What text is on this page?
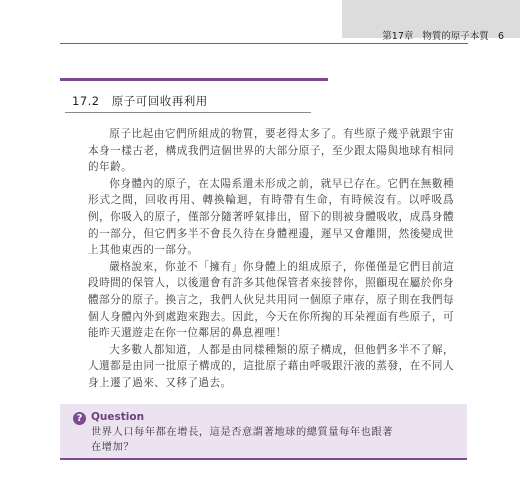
第17章 物質的原子本質 6
17.2 原子可回收再利用

原子比起由它們所組成的物質，要老得太多了。有些原子幾乎就跟宇宙本身一樣古老，構成我們這個世界的大部分原子，至少跟太陽與地球有相同的年齡。

你身體內的原子，在太陽系還未形成之前，就早已存在。它們在無數種形式之間，回收再用、轉換輪迴，有時帶有生命，有時候沒有。以呼吸爲例，你吸入的原子，僅部分隨著呼氣排出，留下的則被身體吸收，成爲身體的一部分，但它們多半不會長久待在身體裡邊，遲早又會離開，然後變成世上其他東西的一部分。

嚴格說來，你並不「擁有」你身體上的組成原子，你僅僅是它們目前這段時間的保管人，以後還會有許多其他保管者來接替你，照顧現在屬於你身體部分的原子。換言之，我們人伙兒共用同一個原子庫存，原子則在我們每個人身體內外到處跑來跑去。因此，今天在你所掬的耳朵裡面有些原子，可能昨天還遊走在你一位鄰居的鼻息裡哩！

大多數人都知道，人都是由同樣種類的原子構成，但他們多半不了解，人還都是由同一批原子構成的，這批原子藉由呼吸跟汗液的蒸發，在不同人身上遷了過來、又移了過去。

? Question
世界人口每年都在增長，這是否意謂著地球的總質量每年也跟著在增加？
